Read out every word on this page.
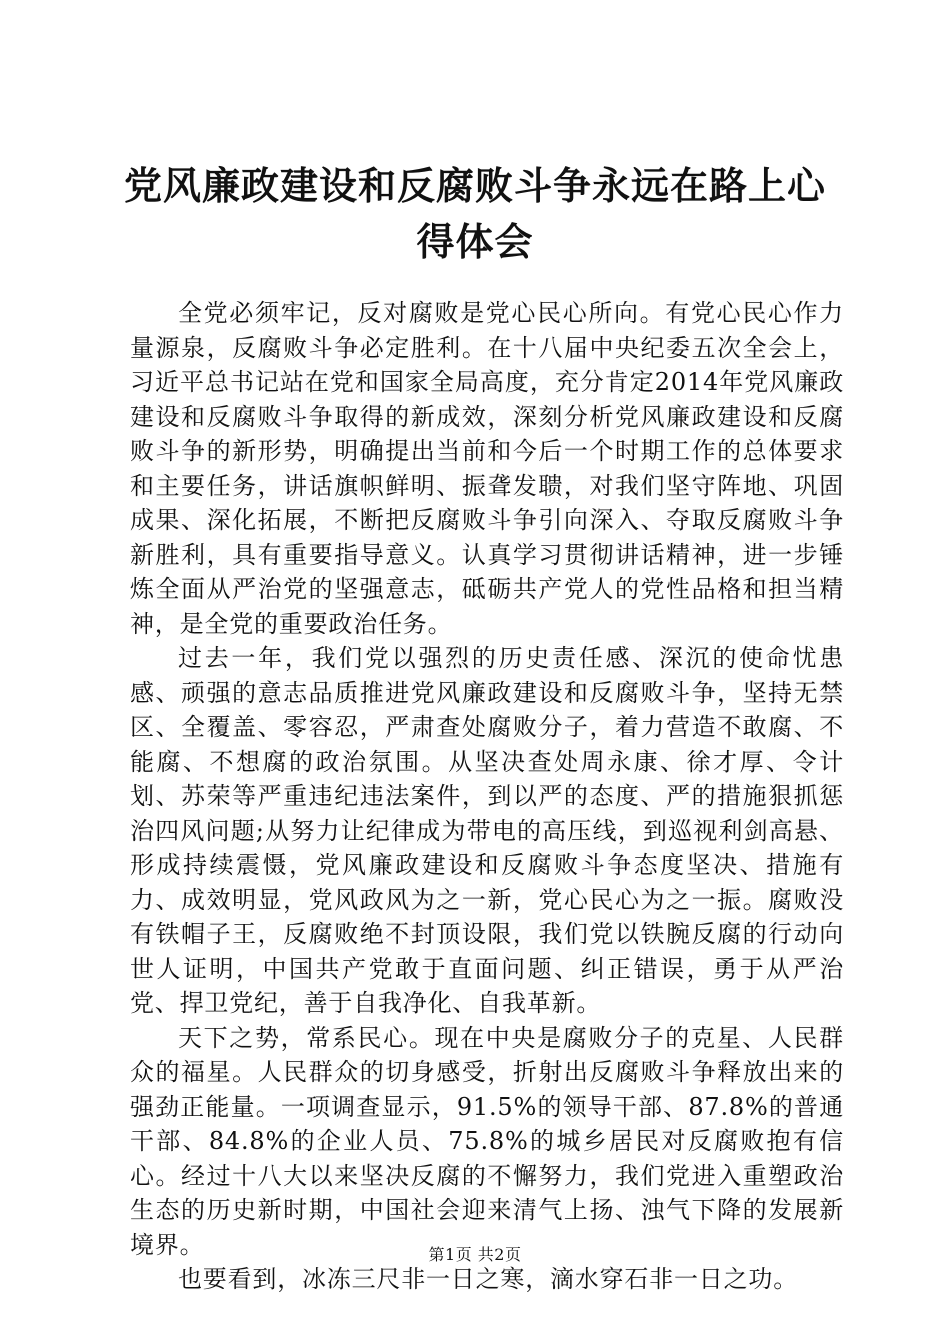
党风廉政建设和反腐败斗争永远在路上心得体会

全党必须牢记，反对腐败是党心民心所向。有党心民心作力量源泉，反腐败斗争必定胜利。在十八届中央纪委五次全会上，习近平总书记站在党和国家全局高度，充分肯定2014年党风廉政建设和反腐败斗争取得的新成效，深刻分析党风廉政建设和反腐败斗争的新形势，明确提出当前和今后一个时期工作的总体要求和主要任务，讲话旗帜鲜明、振聋发聩，对我们坚守阵地、巩固成果、深化拓展，不断把反腐败斗争引向深入、夺取反腐败斗争新胜利，具有重要指导意义。认真学习贯彻讲话精神，进一步锤炼全面从严治党的坚强意志，砥砺共产党人的党性品格和担当精神，是全党的重要政治任务。

过去一年，我们党以强烈的历史责任感、深沉的使命忧患感、顽强的意志品质推进党风廉政建设和反腐败斗争，坚持无禁区、全覆盖、零容忍，严肃查处腐败分子，着力营造不敢腐、不能腐、不想腐的政治氛围。从坚决查处周永康、徐才厚、令计划、苏荣等严重违纪违法案件，到以严的态度、严的措施狠抓惩治四风问题;从努力让纪律成为带电的高压线，到巡视利剑高悬、形成持续震慑，党风廉政建设和反腐败斗争态度坚决、措施有力、成效明显，党风政风为之一新，党心民心为之一振。腐败没有铁帽子王，反腐败绝不封顶设限，我们党以铁腕反腐的行动向世人证明，中国共产党敢于直面问题、纠正错误，勇于从严治党、捍卫党纪，善于自我净化、自我革新。

天下之势，常系民心。现在中央是腐败分子的克星、人民群众的福星。人民群众的切身感受，折射出反腐败斗争释放出来的强劲正能量。一项调查显示，91.5%的领导干部、87.8%的普通干部、84.8%的企业人员、75.8%的城乡居民对反腐败抱有信心。经过十八大以来坚决反腐的不懈努力，我们党进入重塑政治生态的历史新时期，中国社会迎来清气上扬、浊气下降的发展新境界。

也要看到，冰冻三尺非一日之寒，滴水穿石非一日之功。

第1页 共2页
